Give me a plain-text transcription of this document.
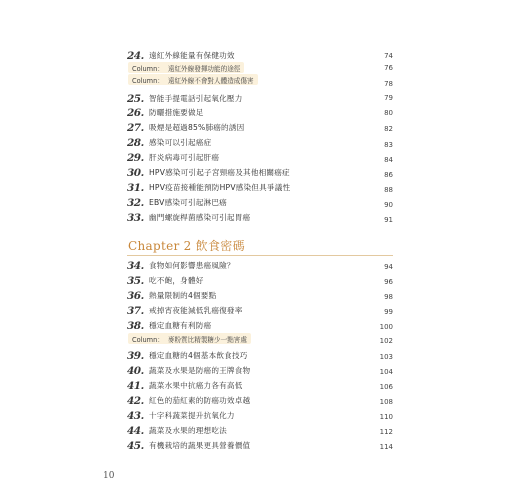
24. 遠紅外線能量有保健功效	74
Column： 遠紅外線發揮功能的途徑	76
Column： 遠紅外線不會對人體造成傷害	78
25. 智能手提電話引起氧化壓力	79
26. 防曬措施要做足	80
27. 吸煙是超過85%肺癌的誘因	82
28. 感染可以引起癌症	83
29. 肝炎病毒可引起肝癌	84
30. HPV感染可引起子宮頸癌及其他相關癌症	86
31. HPV疫苗接種能預防HPV感染但具爭議性	88
32. EBV感染可引起淋巴癌	90
33. 幽門螺旋桿菌感染可引起胃癌	91
Chapter 2 飲食密碼
34. 食物如何影響患癌風險？	94
35. 吃不飽，身體好	96
36. 熱量限制的4個要點	98
37. 戒掉宵夜能減低乳癌復發率	99
38. 穩定血糖有利防癌	100
Column： 麥粉質比精製糖少一點害處	102
39. 穩定血糖的4個基本飲食技巧	103
40. 蔬菜及水果是防癌的王牌食物	104
41. 蔬菜水果中抗癌力各有高低	106
42. 紅色的茄紅素的防癌功效卓越	108
43. 十字科蔬菜提升抗氧化力	110
44. 蔬菜及水果的理想吃法	112
45. 有機栽培的蔬果更具營養價值	114
10
